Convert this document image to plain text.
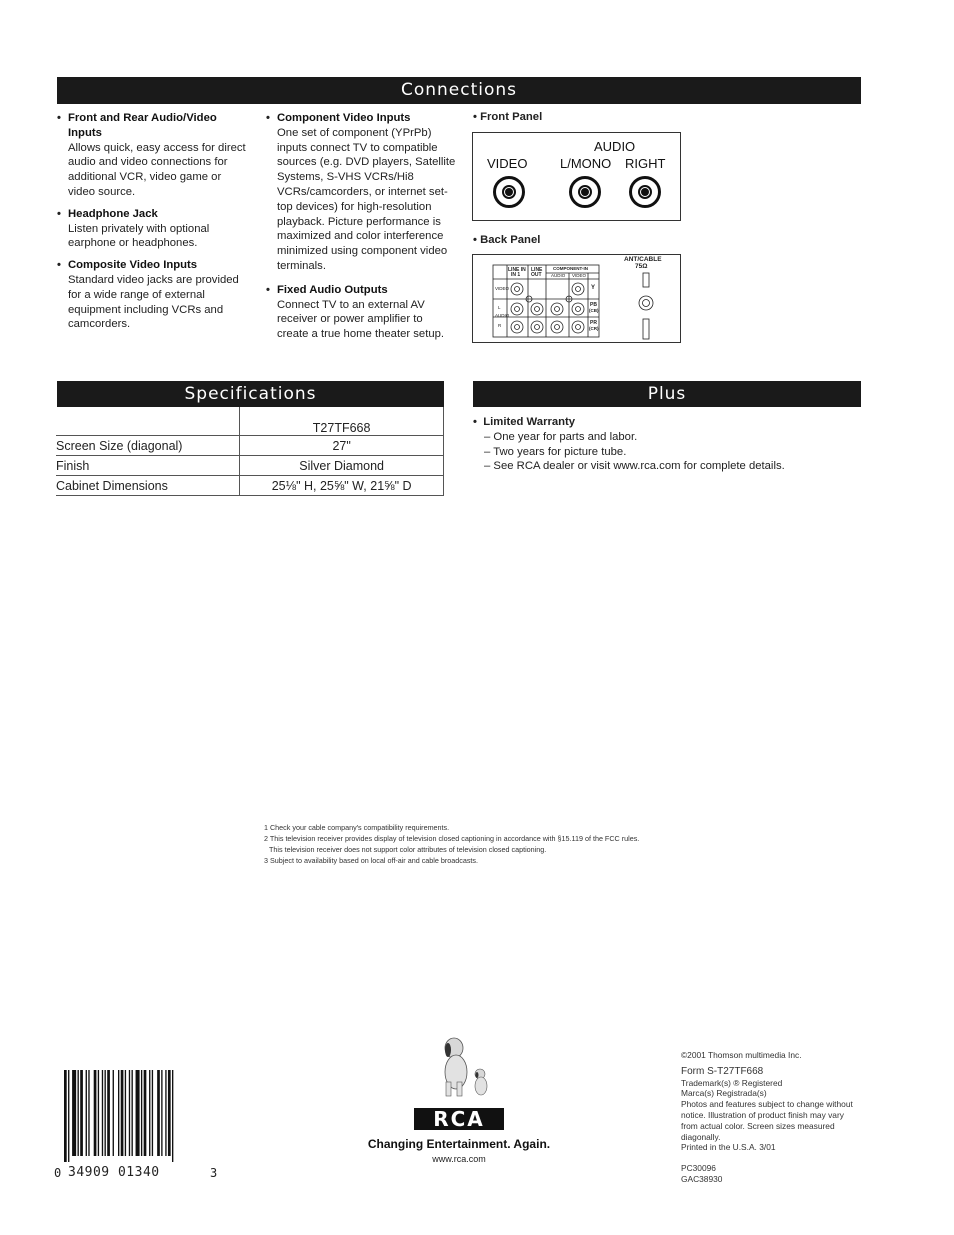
Connections
• Front and Rear Audio/Video Inputs
Allows quick, easy access for direct audio and video connections for additional VCR, video game or video source.
• Headphone Jack
Listen privately with optional earphone or headphones.
• Composite Video Inputs
Standard video jacks are provided for a wide range of external equipment including VCRs and camcorders.
• Component Video Inputs
One set of component (YPrPb) inputs connect TV to compatible sources (e.g. DVD players, Satellite Systems, S-VHS VCRs/Hi8 VCRs/camcorders, or internet set-top devices) for high-resolution playback. Picture performance is maximized and color interference minimized using component video terminals.
• Fixed Audio Outputs
Connect TV to an external AV receiver or power amplifier to create a true home theater setup.
• Front Panel
AUDIO
VIDEO	L/MONO RIGHT
• Back Panel
LINE IN
IN 1
LINE
OUT
COMPONENT-IN
AUDIO VIDEO
VIDEO
L
AUDIO
R
Y
PB
(CB)
PR
(CR)
ANT/CABLE
75Ω
Specifications
	T27TF668
Screen Size (diagonal)	27"
Finish	Silver Diamond
Cabinet Dimensions	25⅛" H, 25⅝" W, 21⅝" D
Plus
•  Limited Warranty
– One year for parts and labor.
– Two years for picture tube.
– See RCA dealer or visit www.rca.com for complete details.
1 Check your cable company's compatibility requirements.
2 This television receiver provides display of television closed captioning in accordance with §15.119 of the FCC rules.
This television receiver does not support color attributes of television closed captioning.
3 Subject to availability based on local off-air and cable broadcasts.
0 34909 01340	3
RCA
Changing Entertainment. Again.
www.rca.com
©2001 Thomson multimedia Inc.
Form S-T27TF668
Trademark(s) ® Registered
Marca(s) Registrada(s)
Photos and features subject to change without notice. Illustration of product finish may vary from actual color. Screen sizes measured diagonally.
Printed in the U.S.A. 3/01
PC30096
GAC38930
